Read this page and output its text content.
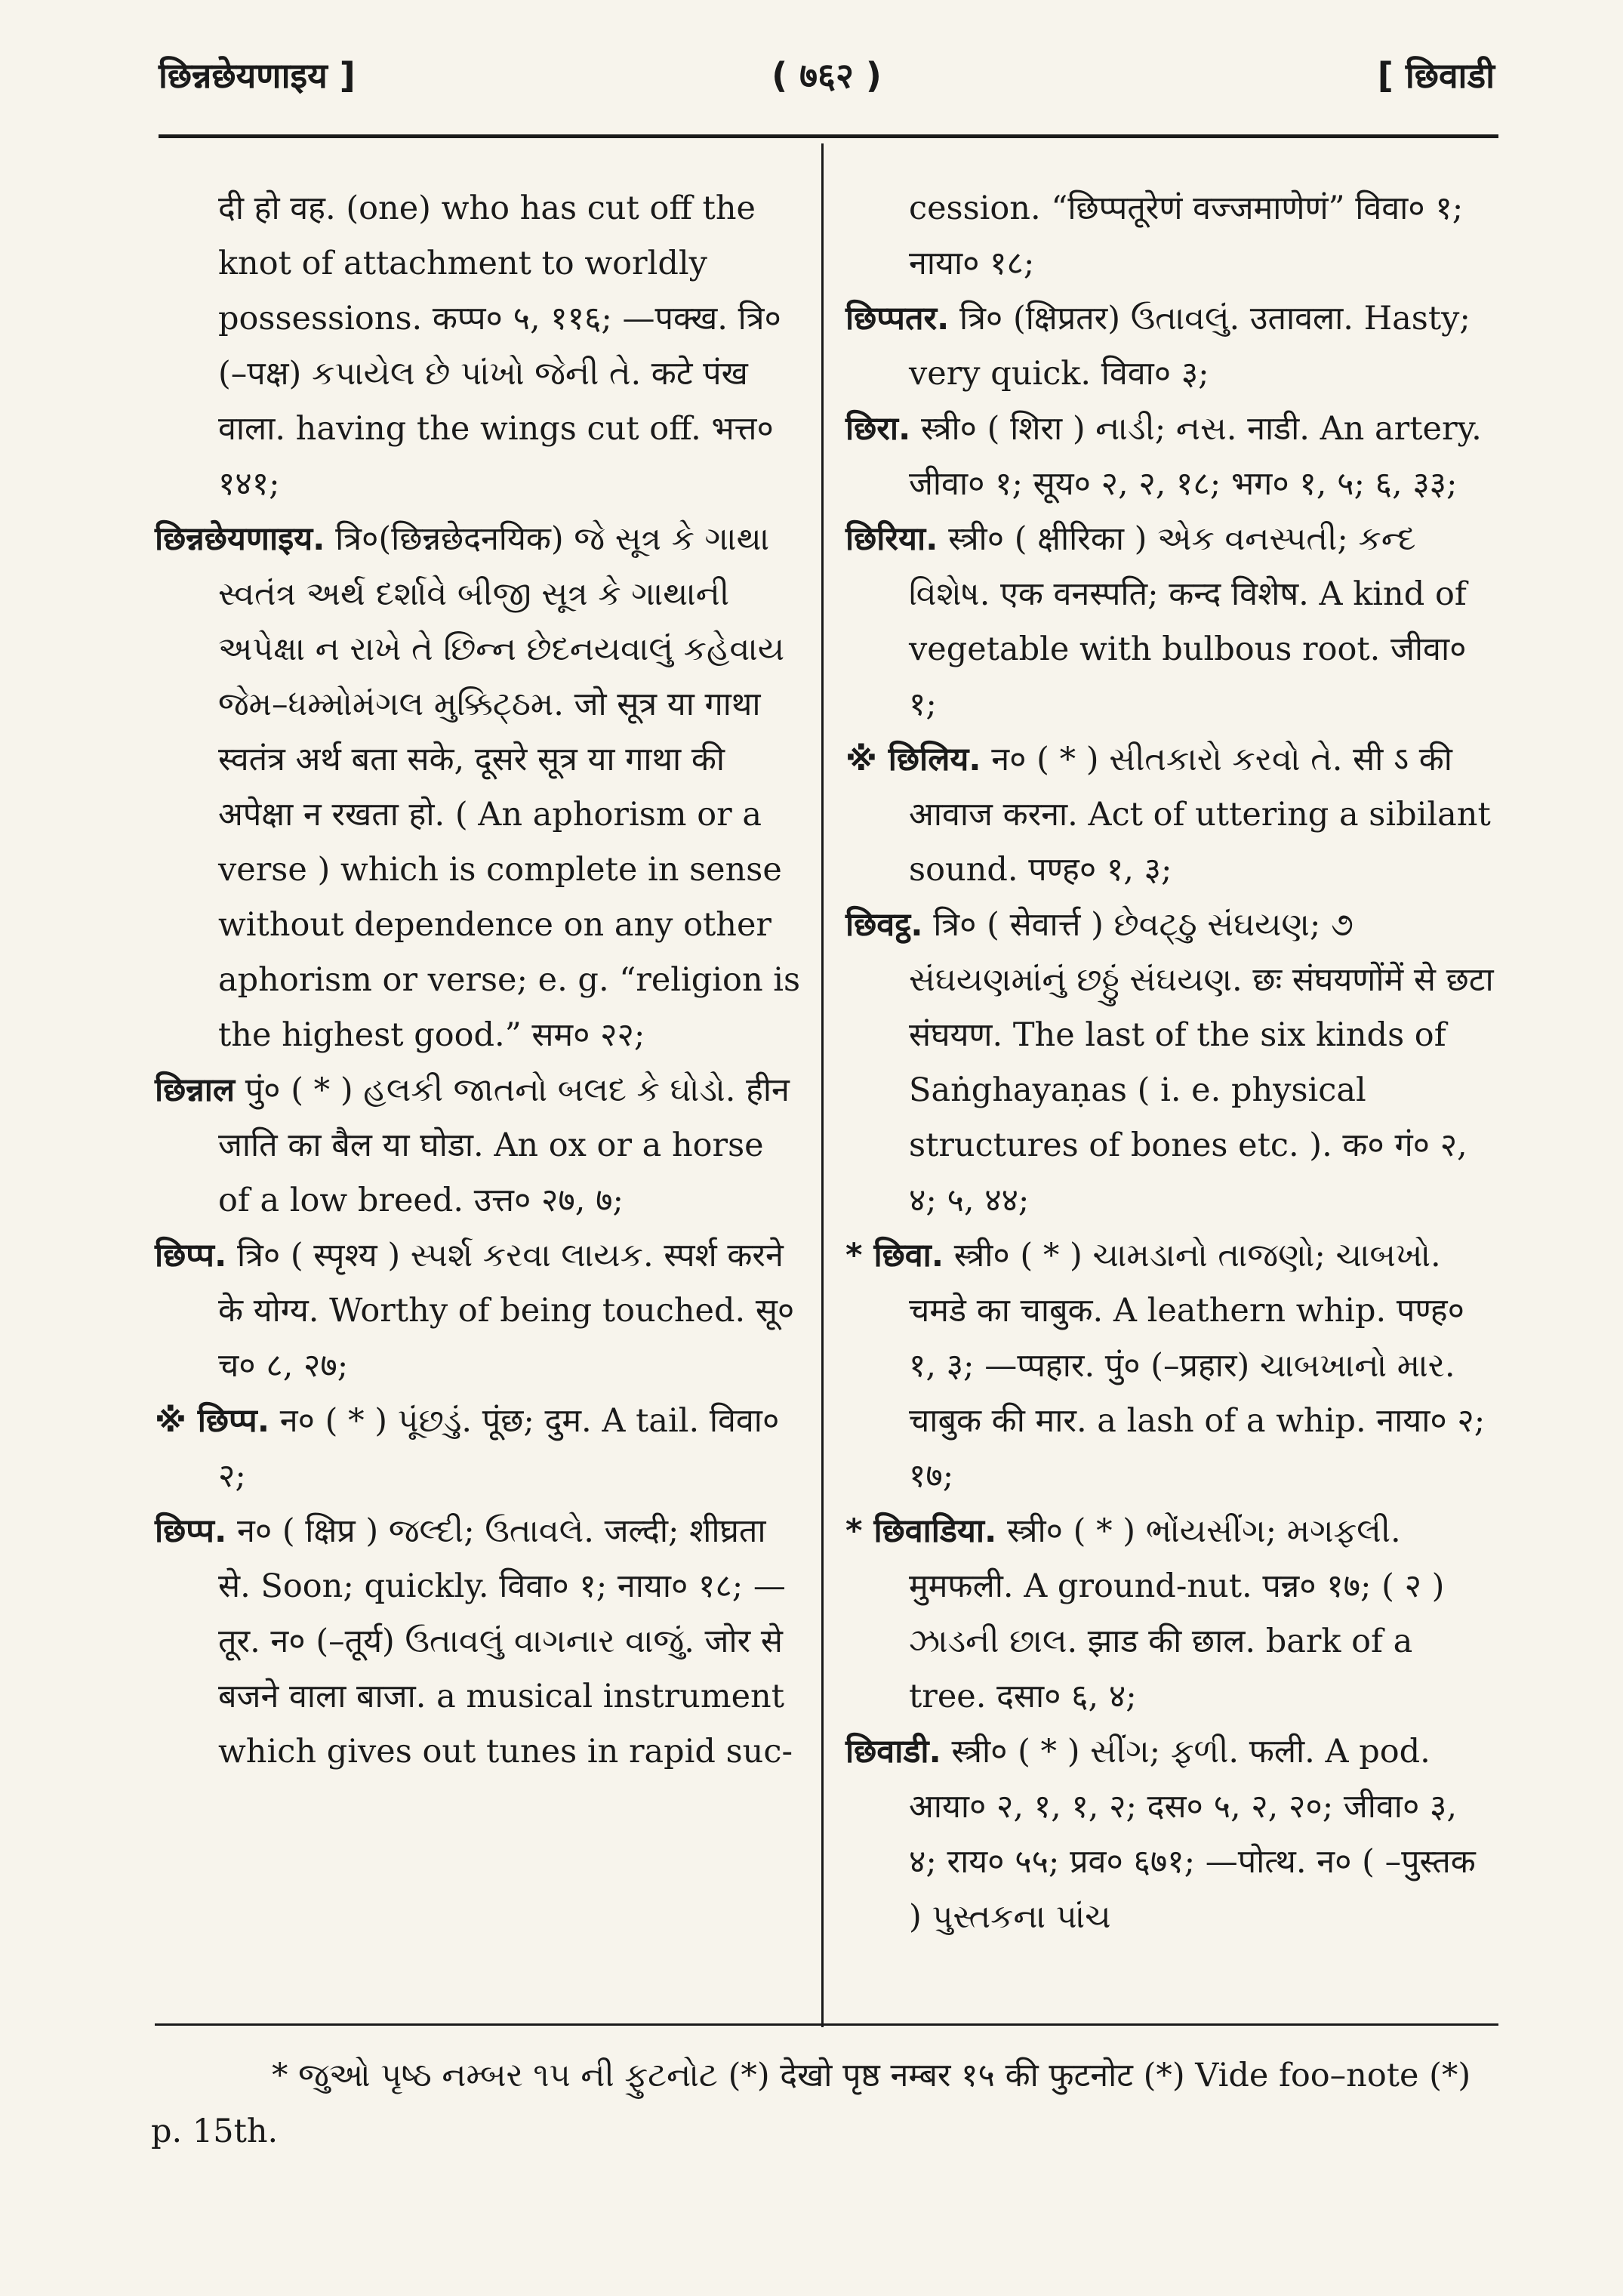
छिन्नछेयणाइय ]	( ७६२ )	[ छिवाडी

दी हो वह. (one) who has cut off the knot of attachment to worldly possessions. कप्प० ५, ११६; —पक्ख. त्रि० (–पक्ष) કપાયેલ છે પાંખો જેની તે. कटे पंख वाला. having the wings cut off. भत्त० १४१;

छिन्नछेयणाइय. त्रि०(छिन्नछेदनयिक) જે સૂત્ર કે ગાથા સ્વતંત્ર અર્થ દર્શાવે બીજી સૂત્ર કે ગાથાની અપેક્ષા ન રાખે તે છિન્ન છેદનયવાલું કહેવાય જેમ–ધમ્મોમંગલ મુક્કિટ્ઠમ. जो सूत्र या गाथा स्वतंत्र अर्थ बता सके, दूसरे सूत्र या गाथा की अपेक्षा न रखता हो. ( An aphorism or a verse ) which is complete in sense without dependence on any other aphorism or verse; e. g. “religion is the highest good.” सम० २२;

छिन्नाल पुं० ( * ) હલકી જાતનો બલદ કે ઘોડો. हीन जाति का बैल या घोडा. An ox or a horse of a low breed. उत्त० २७, ७;

छिप्प. त्रि० ( स्पृश्य ) સ્પર્શ કરવા લાયક. स्पर्श करने के योग्य. Worthy of being touched. सू० च० ८, २७;

※ छिप्प. न० ( * ) પૂંછડું. पूंछ; दुम. A tail. विवा० २;

छिप्प. न० ( क्षिप्र ) જલ્દી; ઉતાવલે. जल्दी; शीघ्रता से. Soon; quickly. विवा० १; नाया० १८; —तूर. न० (–तूर्य) ઉતાવલું વાગનાર વાજું. जोर से बजने वाला बाजा. a musical instrument which gives out tunes in rapid suc-

cession. “छिप्पतूरेणं वज्जमाणेणं” विवा० १; नाया० १८;

छिप्पतर. त्रि० (क्षिप्रतर) ઉતાવલું. उतावला. Hasty; very quick. विवा० ३;

छिरा. स्त्री० ( शिरा ) નાડી; નસ. नाडी. An artery. जीवा० १; सूय० २, २, १८; भग० १, ५; ६, ३३;

छिरिया. स्त्री० ( क्षीरिका ) એક વનસ્પતી; કન્દ વિશેષ. एक वनस्पति; कन्द विशेष. A kind of vegetable with bulbous root. जीवा० १;

※ छिलिय. न० ( * ) સીતકારો કરવો તે. सी ऽ की आवाज करना. Act of uttering a sibilant sound. पण्ह० १, ३;

छिवट्ठ. त्रि० ( सेवार्त्त ) છેવટ્ઠુ સંઘયણ; ૭ સંઘયણમાંનું છઠ્ઠું સંઘયણ. छः संघयणोंमें से छटा संघयण. The last of the six kinds of Saṅghayaṇas ( i. e. physical structures of bones etc. ). क० गं० २, ४; ५, ४४;

* छिवा. स्त्री० ( * ) ચામડાનો તાજણો; ચાબખો. चमडे का चाबुक. A leathern whip. पण्ह० १, ३; —प्पहार. पुं० (–प्रहार) ચાબખાનો માર. चाबुक की मार. a lash of a whip. नाया० २; १७;

* छिवाडिया. स्त्री० ( * ) ભોંયસીંગ; મગફલી. मुमफली. A ground-nut. पन्न० १७; ( २ ) ઝાડની છાલ. झाड की छाल. bark of a tree. दसा० ६, ४;

छिवाडी. स्त्री० ( * ) સીંગ; ફળી. फली. A pod. आया० २, १, १, २; दस० ५, २, २०; जीवा० ३, ४; राय० ५५; प्रव० ६७१; —पोत्थ. न० ( –पुस्तक ) પુસ્તકના પાંચ

* જુઓ પૃષ્ઠ નમ્બર ૧૫ ની ફુટનોટ (*) देखो पृष्ठ नम्बर १५ की फुटनोट (*) Vide foo–note (*) p. 15th.
